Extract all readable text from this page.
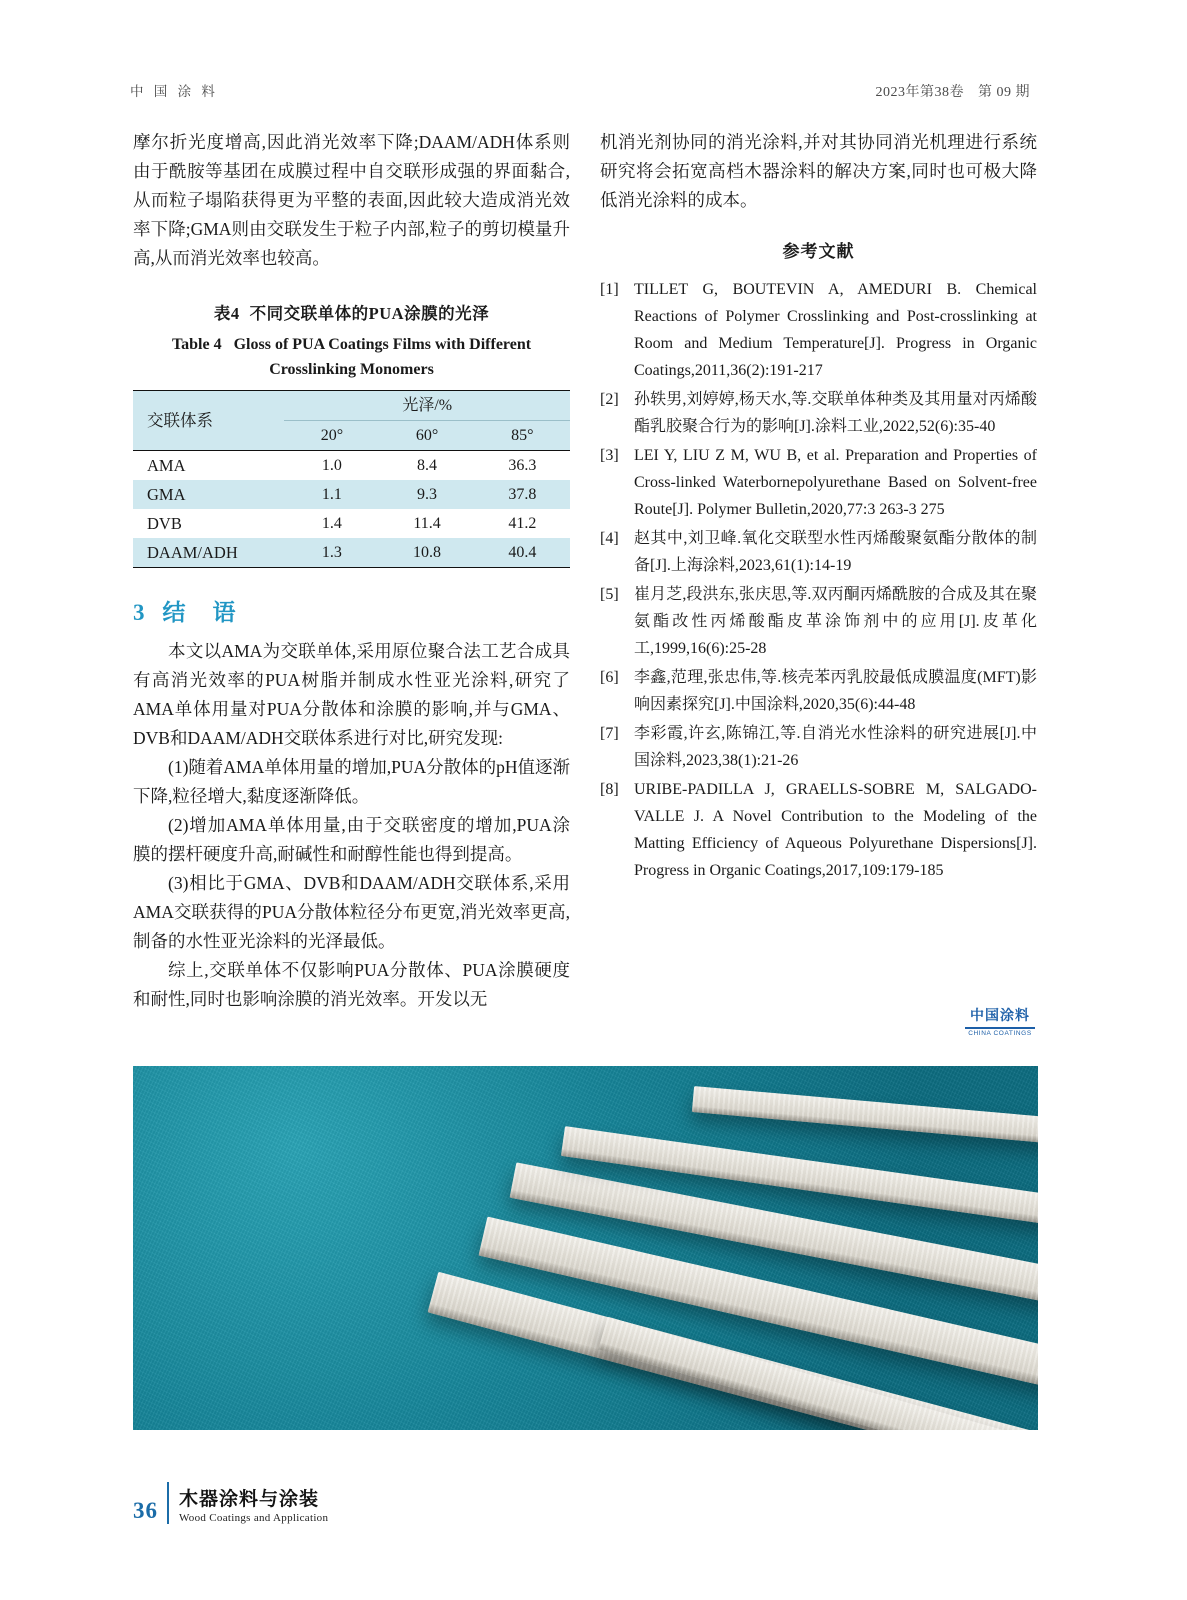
中 国 涂 料	2023年第38卷 第 09 期

摩尔折光度增高,因此消光效率下降;DAAM/ADH体系则由于酰胺等基团在成膜过程中自交联形成强的界面黏合,从而粒子塌陷获得更为平整的表面,因此较大造成消光效率下降;GMA则由交联发生于粒子内部,粒子的剪切模量升高,从而消光效率也较高。

表4 不同交联单体的PUA涂膜的光泽
Table 4 Gloss of PUA Coatings Films with Different Crosslinking Monomers
交联体系	光泽/%		
	20°	60°	85°
AMA	1.0	8.4	36.3
GMA	1.1	9.3	37.8
DVB	1.4	11.4	41.2
DAAM/ADH	1.3	10.8	40.4
3 结　语

本文以AMA为交联单体,采用原位聚合法工艺合成具有高消光效率的PUA树脂并制成水性亚光涂料,研究了AMA单体用量对PUA分散体和涂膜的影响,并与GMA、DVB和DAAM/ADH交联体系进行对比,研究发现:

(1)随着AMA单体用量的增加,PUA分散体的pH值逐渐下降,粒径增大,黏度逐渐降低。

(2)增加AMA单体用量,由于交联密度的增加,PUA涂膜的摆杆硬度升高,耐碱性和耐醇性能也得到提高。

(3)相比于GMA、DVB和DAAM/ADH交联体系,采用AMA交联获得的PUA分散体粒径分布更宽,消光效率更高,制备的水性亚光涂料的光泽最低。

综上,交联单体不仅影响PUA分散体、PUA涂膜硬度和耐性,同时也影响涂膜的消光效率。开发以无

机消光剂协同的消光涂料,并对其协同消光机理进行系统研究将会拓宽高档木器涂料的解决方案,同时也可极大降低消光涂料的成本。

参考文献
[1] TILLET G, BOUTEVIN A, AMEDURI B. Chemical Reactions of Polymer Crosslinking and Post-crosslinking at Room and Medium Temperature[J]. Progress in Organic Coatings,2011,36(2):191-217
[2] 孙轶男,刘婷婷,杨天水,等.交联单体种类及其用量对丙烯酸酯乳胶聚合行为的影响[J].涂料工业,2022,52(6):35-40
[3] LEI Y, LIU Z M, WU B, et al. Preparation and Properties of Cross-linked Waterbornepolyurethane Based on Solvent-free Route[J]. Polymer Bulletin,2020,77:3 263-3 275
[4] 赵其中,刘卫峰.氧化交联型水性丙烯酸聚氨酯分散体的制备[J].上海涂料,2023,61(1):14-19
[5] 崔月芝,段洪东,张庆思,等.双丙酮丙烯酰胺的合成及其在聚氨酯改性丙烯酸酯皮革涂饰剂中的应用[J].皮革化工,1999,16(6):25-28
[6] 李鑫,范理,张忠伟,等.核壳苯丙乳胶最低成膜温度(MFT)影响因素探究[J].中国涂料,2020,35(6):44-48
[7] 李彩霞,许玄,陈锦江,等.自消光水性涂料的研究进展[J].中国涂料,2023,38(1):21-26
[8] URIBE-PADILLA J, GRAELLS-SOBRE M, SALGADO-VALLE J. A Novel Contribution to the Modeling of the Matting Efficiency of Aqueous Polyurethane Dispersions[J]. Progress in Organic Coatings,2017,109:179-185
中国涂料
CHINA COATINGS
36 木器涂料与涂装
Wood Coatings and Application
